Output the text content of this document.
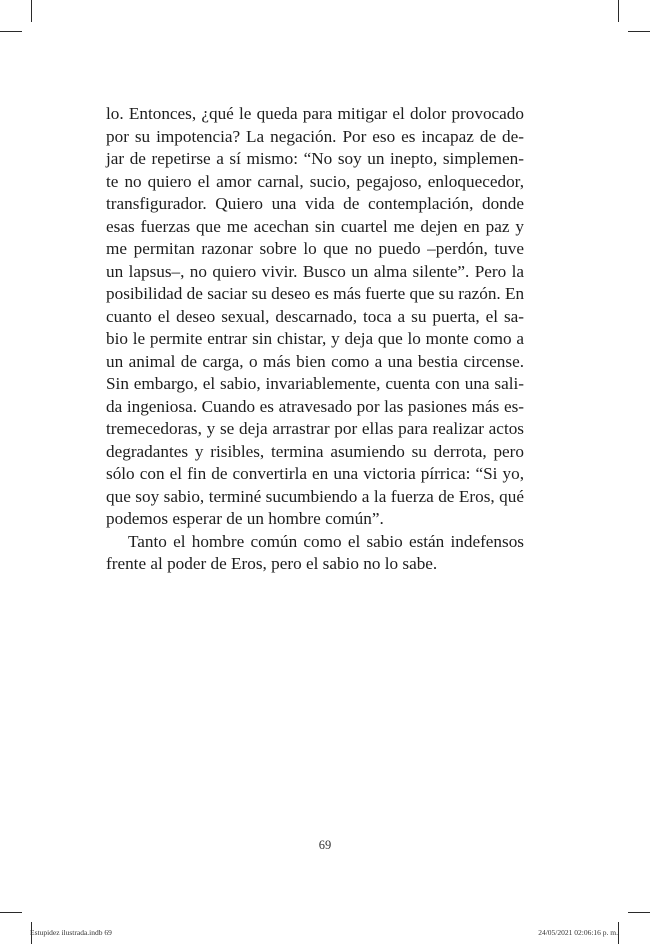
lo. Entonces, ¿qué le queda para mitigar el dolor provocado
por su impotencia? La negación. Por eso es incapaz de de-
jar de repetirse a sí mismo: “No soy un inepto, simplemen-
te no quiero el amor carnal, sucio, pegajoso, enloquecedor,
transfigurador. Quiero una vida de contemplación, donde
esas fuerzas que me acechan sin cuartel me dejen en paz y
me permitan razonar sobre lo que no puedo –perdón, tuve
un lapsus–, no quiero vivir. Busco un alma silente”. Pero la
posibilidad de saciar su deseo es más fuerte que su razón. En
cuanto el deseo sexual, descarnado, toca a su puerta, el sa-
bio le permite entrar sin chistar, y deja que lo monte como a
un animal de carga, o más bien como a una bestia circense.
Sin embargo, el sabio, invariablemente, cuenta con una sali-
da ingeniosa. Cuando es atravesado por las pasiones más es-
tremecedoras, y se deja arrastrar por ellas para realizar actos
degradantes y risibles, termina asumiendo su derrota, pero
sólo con el fin de convertirla en una victoria pírrica: “Si yo,
que soy sabio, terminé sucumbiendo a la fuerza de Eros, qué
podemos esperar de un hombre común”.
Tanto el hombre común como el sabio están indefensos
frente al poder de Eros, pero el sabio no lo sabe.
69
Estupidez ilustrada.indb 69	24/05/2021 02:06:16 p. m.
